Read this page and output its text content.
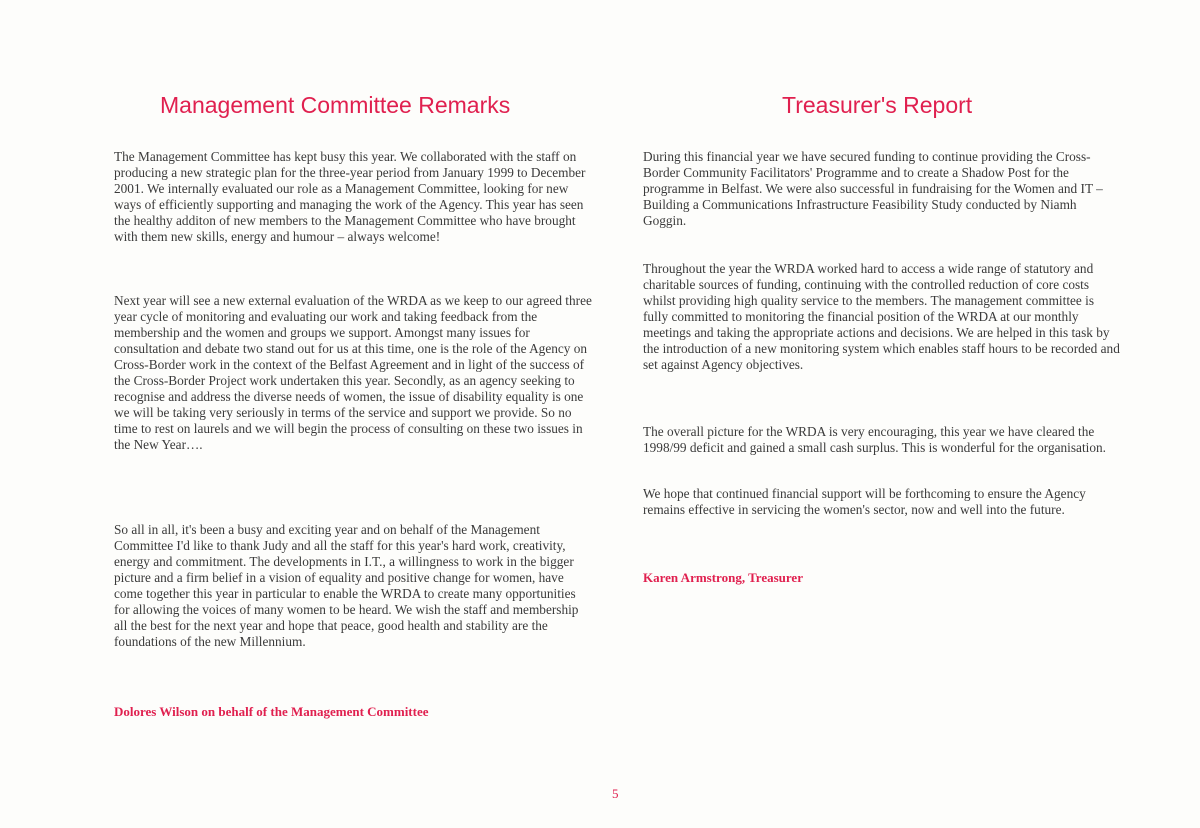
Management Committee Remarks	Treasurer's Report

The Management Committee has kept busy this year. We collaborated with the staff on producing a new strategic plan for the three-year period from January 1999 to December 2001. We internally evaluated our role as a Management Committee, looking for new ways of efficiently supporting and managing the work of the Agency. This year has seen the healthy additon of new members to the Management Committee who have brought with them new skills, energy and humour – always welcome!

Next year will see a new external evaluation of the WRDA as we keep to our agreed three year cycle of monitoring and evaluating our work and taking feedback from the membership and the women and groups we support. Amongst many issues for consultation and debate two stand out for us at this time, one is the role of the Agency on Cross-Border work in the context of the Belfast Agreement and in light of the success of the Cross-Border Project work undertaken this year. Secondly, as an agency seeking to recognise and address the diverse needs of women, the issue of disability equality is one we will be taking very seriously in terms of the service and support we provide. So no time to rest on laurels and we will begin the process of consulting on these two issues in the New Year….

So all in all, it's been a busy and exciting year and on behalf of the Management Committee I'd like to thank Judy and all the staff for this year's hard work, creativity, energy and commitment. The developments in I.T., a willingness to work in the bigger picture and a firm belief in a vision of equality and positive change for women, have come together this year in particular to enable the WRDA to create many opportunities for allowing the voices of many women to be heard. We wish the staff and membership all the best for the next year and hope that peace, good health and stability are the foundations of the new Millennium.

Dolores Wilson on behalf of the Management Committee

During this financial year we have secured funding to continue providing the Cross-Border Community Facilitators' Programme and to create a Shadow Post for the programme in Belfast. We were also successful in fundraising for the Women and IT – Building a Communications Infrastructure Feasibility Study conducted by Niamh Goggin.

Throughout the year the WRDA worked hard to access a wide range of statutory and charitable sources of funding, continuing with the controlled reduction of core costs whilst providing high quality service to the members. The management committee is fully committed to monitoring the financial position of the WRDA at our monthly meetings and taking the appropriate actions and decisions. We are helped in this task by the introduction of a new monitoring system which enables staff hours to be recorded and set against Agency objectives.

The overall picture for the WRDA is very encouraging, this year we have cleared the 1998/99 deficit and gained a small cash surplus. This is wonderful for the organisation.

We hope that continued financial support will be forthcoming to ensure the Agency remains effective in servicing the women's sector, now and well into the future.

Karen Armstrong, Treasurer

5
